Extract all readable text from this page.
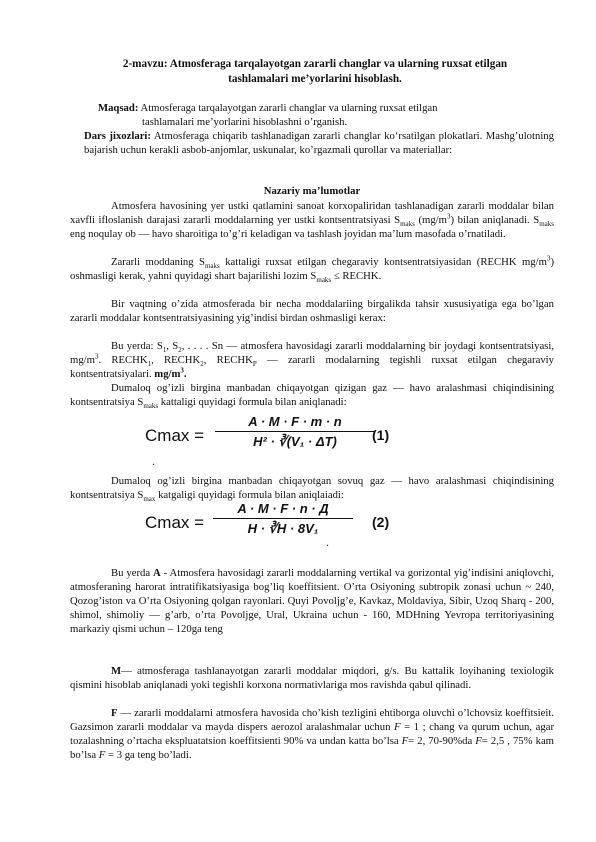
2-mavzu: Atmosferaga tarqalayotgan zararli changlar va ularning ruxsat etilgan
tashlamalari me’yorlarini hisoblash.
Maqsad: Atmosferaga tarqalayotgan zararli changlar va ularning ruxsat etilgan
tashlamalari me’yorlarini hisoblashni o’rganish.
Dars jixozlari: Atmosferaga chiqarib tashlanadigan zararli changlar ko‘rsatilgan plokatlari. Mashg’ulotning bajarish uchun kerakli asbob-anjomlar, uskunalar, ko’rgazmali qurollar va materiallar:
Nazariy ma’lumotlar
Atmosfera havosining yer ustki qatlamini sanoat korxopaliridan tashlanadigan zararli moddalar bilan xavfli ifloslanish darajasi zararli moddalarning yer ustki kontsentratsiyasi $S_{maks}$ $(mg/m^3)$ bilan aniqlanadi. $S_{maks}$ eng noqulay ob — havo sharoitiga to’g’ri keladigan va tashlash joyidan ma’lum masofada o’rnatiladi.
Zararli moddaning $S_{maks}$ kattaligi ruxsat etilgan chegaraviy kontsentratsiyasidan (RECHK $mg/m^3$) oshmasligi kerak, yahni quyidagi shart bajarilishi lozim $S_{maks}$ ≤ RECHK.
Bir vaqtning o’zida atmosferada bir necha moddalariing birgalikda tahsir xususiyatiga ega bo’lgan zararli moddalar kontsentratsiyasining yig’indisi birdan oshmasligi kerax:
Bu yerda: $S_1$, $S_2$, . . . . Sn — atmosfera havosidagi zararli moddalarning bir joydagi kontsentratsiyasi, $mg/m^3$. $RECHK_1$, $RECHK_2$, $RECHK_P$ — zararli modalarning tegishli ruxsat etilgan chegaraviy kontsentratsiyalari. $mg/m^3$.
Dumaloq og’izli birgina manbadan chiqayotgan qizigan gaz — havo aralashmasi chiqindisining kontsentratsiya $S_{maks}$ kattaligi quyidagi formula bilan aniqlanadi:
Cmax =
A · M · F · m · n
H² · ∛(V₁ · ΔT)
.
(1)
Dumaloq og’izli birgina manbadan chiqayotgan sovuq gaz — havo aralashmasi chiqindisining kontsentratsiya $S_{max}$ katgaligi quyidagi formula bilan aniqlaiadi:
Cmax =
A · M · F · n · Д
H · ∛H · 8V₁
.
(2)
Bu yerda A - Atmosfera havosidagi zararli moddalarning vertikal va gorizontal yig’indisini aniqlovchi, atmosferaning harorat intratifikatsiyasiga bog’liq koeffitsient. O’rta Osiyoning subtropik zonasi uchun ~ 240, Qozog’iston va O’rta Osiyoning qolgan rayonlari. Quyi Povoljg’e, Kavkaz, Moldaviya, Sibir, Uzoq Sharq - 200, shimol, shimoliy — g’arb, o’rta Povoljge, Ural, Ukraina uchun - 160, MDHning Yevropa territoriyasining markaziy qismi uchun – 120ga teng
M— atmosferaga tashlanayotgan zararli moddalar miqdori, g/s. Bu kattalik loyihaning texiologik qismini hisoblab aniqlanadi yoki tegishli korxona normativlariga mos ravishda qabul qilinadi.
F — zararli moddalarni atmosfera havosida cho’kish tezligini ehtiborga oluvchi o’lchovsiz koeffitsieit. Gazsimon zararli moddalar va mayda dispers aerozol aralashmalar uchun F = 1 ; chang va qurum uchun, agar tozalashning o’rtacha ekspluatatsion koeffitsienti 90% va undan katta bo’lsa F= 2, 70-90%da F= 2,5 , 75% kam bo’lsa F = 3 ga teng bo’ladi.
